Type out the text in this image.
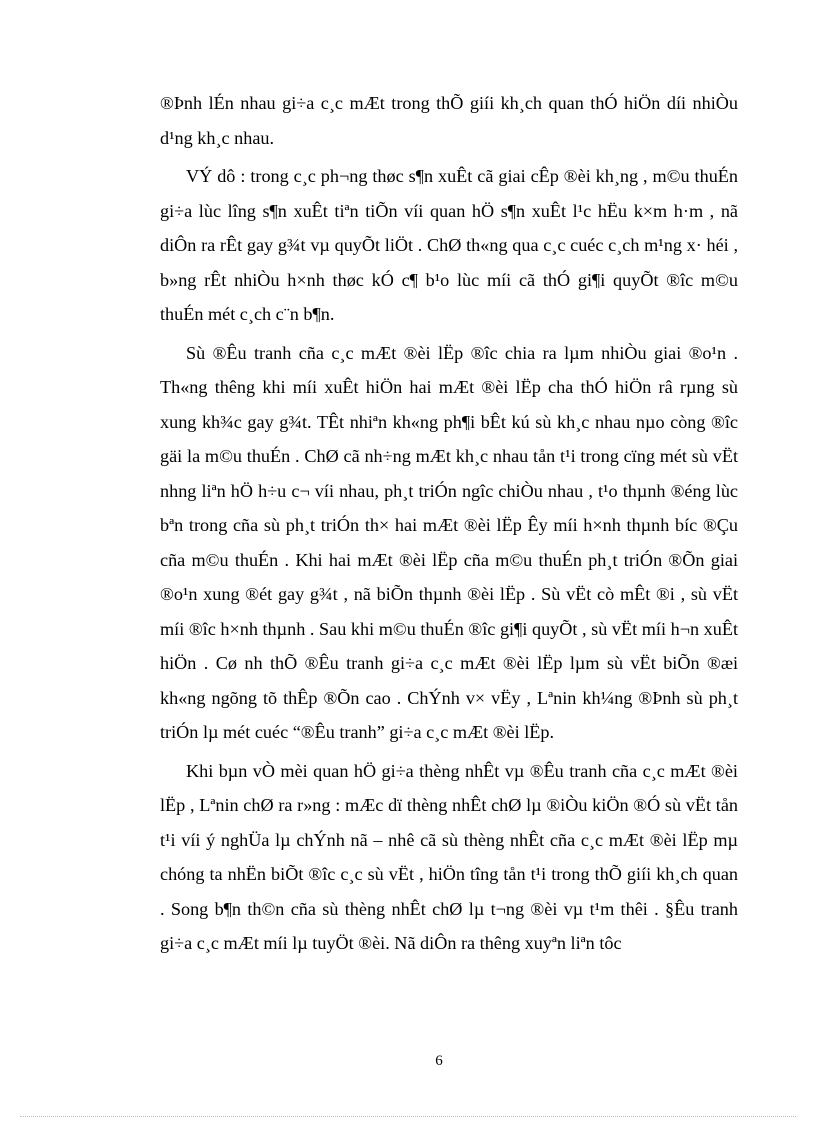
®Þnh lÉn nhau gi÷a c¸c mÆt trong thÕ giíi kh¸ch quan thÓ hiÖn díi nhiÒu d¹ng kh¸c nhau.

VÝ dô : trong c¸c ph¬ng thøc s¶n xuÊt cã giai cÊp ®èi kh¸ng , m©u thuÉn gi÷a lùc lîng s¶n xuÊt tiªn tiÕn víi quan hÖ s¶n xuÊt l¹c hËu k×m h·m , nã diÔn ra rÊt gay g¾t vµ quyÕt liÖt . ChØ th«ng qua c¸c cuéc c¸ch m¹ng x· héi , b»ng rÊt nhiÒu h×nh thøc kÓ c¶ b¹o lùc míi cã thÓ gi¶i quyÕt ®îc m©u thuÉn mét c¸ch c¨n b¶n.

Sù ®Êu tranh cña c¸c mÆt ®èi lËp ®îc chia ra lµm nhiÒu giai ®o¹n . Th«ng thêng khi míi xuÊt hiÖn hai mÆt ®èi lËp cha thÓ hiÖn râ rµng sù xung kh¾c gay g¾t. TÊt nhiªn kh«ng ph¶i bÊt kú sù kh¸c nhau nµo còng ®îc gäi la m©u thuÉn . ChØ cã nh÷ng mÆt kh¸c nhau tån t¹i trong cïng mét sù vËt nhng liªn hÖ h÷u c¬ víi nhau, ph¸t triÓn ngîc chiÒu nhau , t¹o thµnh ®éng lùc bªn trong cña sù ph¸t triÓn th× hai mÆt ®èi lËp Êy míi h×nh thµnh bíc ®Çu cña m©u thuÉn . Khi hai mÆt ®èi lËp cña m©u thuÉn ph¸t triÓn ®Õn giai ®o¹n xung ®ét gay g¾t , nã biÕn thµnh ®èi lËp . Sù vËt cò mÊt ®i , sù vËt míi ®îc h×nh thµnh . Sau khi m©u thuÉn ®îc gi¶i quyÕt , sù vËt míi h¬n xuÊt hiÖn . Cø nh thÕ ®Êu tranh gi÷a c¸c mÆt ®èi lËp lµm sù vËt biÕn ®æi kh«ng ngõng tõ thÊp ®Õn cao . ChÝnh v× vËy , Lªnin kh¼ng ®Þnh sù ph¸t triÓn lµ mét cuéc “®Êu tranh” gi÷a c¸c mÆt ®èi lËp.

Khi bµn vÒ mèi quan hÖ gi÷a thèng nhÊt vµ ®Êu tranh cña c¸c mÆt ®èi lËp , Lªnin chØ ra r»ng : mÆc dï thèng nhÊt chØ lµ ®iÒu kiÖn ®Ó sù vËt tån t¹i víi ý nghÜa lµ chÝnh nã – nhê cã sù thèng nhÊt cña c¸c mÆt ®èi lËp mµ chóng ta nhËn biÕt ®îc c¸c sù vËt , hiÖn tîng tån t¹i trong thÕ giíi kh¸ch quan . Song b¶n th©n cña sù thèng nhÊt chØ lµ t¬ng ®èi vµ t¹m thêi . §Êu tranh gi÷a c¸c mÆt míi lµ tuyÖt ®èi. Nã diÔn ra thêng xuyªn liªn tôc

6
